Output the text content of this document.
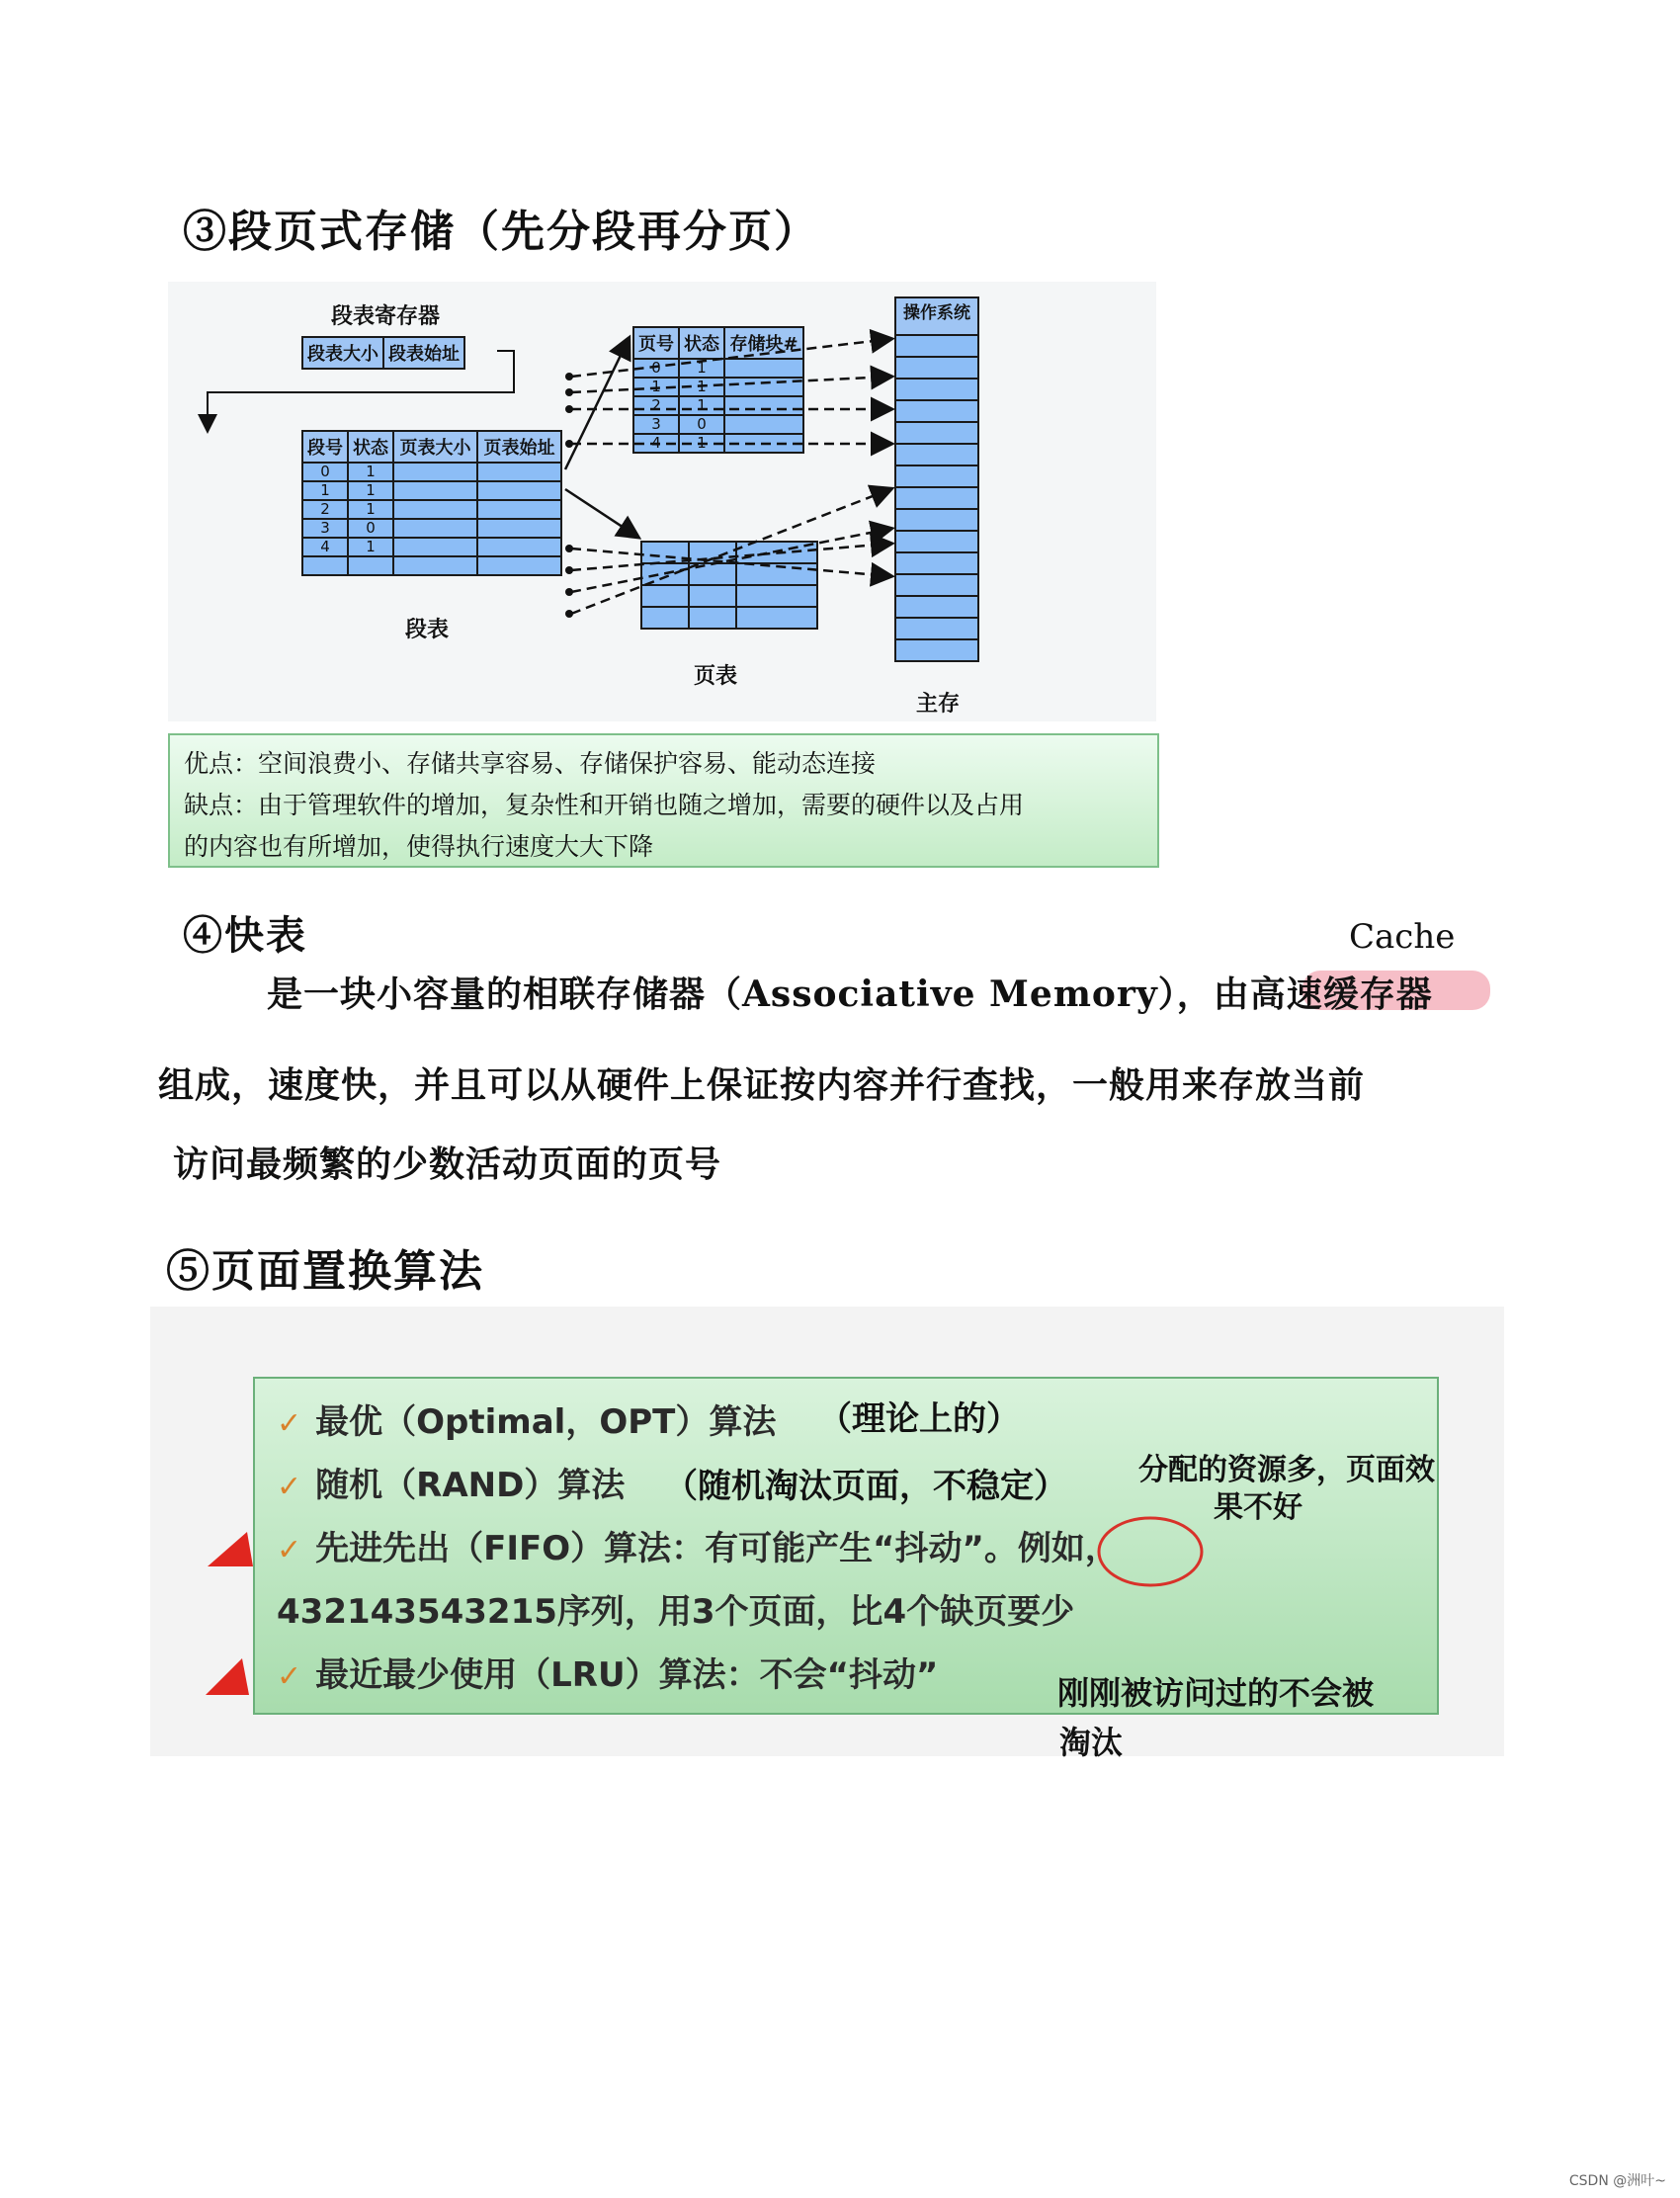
③段页式存储（先分段再分页）
段表寄存器
段表大小	段表始址
段号	状态	页表大小	页表始址
0	1		
1	1		
2	1		
3	0		
4	1		

段表
页号	状态	存储块#
0	1	
1	1	
2	1	
3	0	
4	1	

页表
操作系统
主存
优点：空间浪费小、存储共享容易、存储保护容易、能动态连接
缺点：由于管理软件的增加，复杂性和开销也随之增加，需要的硬件以及占用
的内容也有所增加，使得执行速度大大下降
④快表	Cache
是一块小容量的相联存储器（Associative Memory），由高速缓存器
组成，速度快，并且可以从硬件上保证按内容并行查找，一般用来存放当前
访问最频繁的少数活动页面的页号
⑤页面置换算法
✓ 最优（Optimal，OPT）算法
✓ 随机（RAND）算法
✓ 先进先出（FIFO）算法：有可能产生“抖动”。例如，
432143543215序列，用3个页面，比4个缺页要少
✓ 最近最少使用（LRU）算法：不会“抖动”
（理论上的）
（随机淘汰页面，不稳定） 分配的资源多，页面效
果不好
刚刚被访问过的不会被
淘汰
CSDN @洲叶~
